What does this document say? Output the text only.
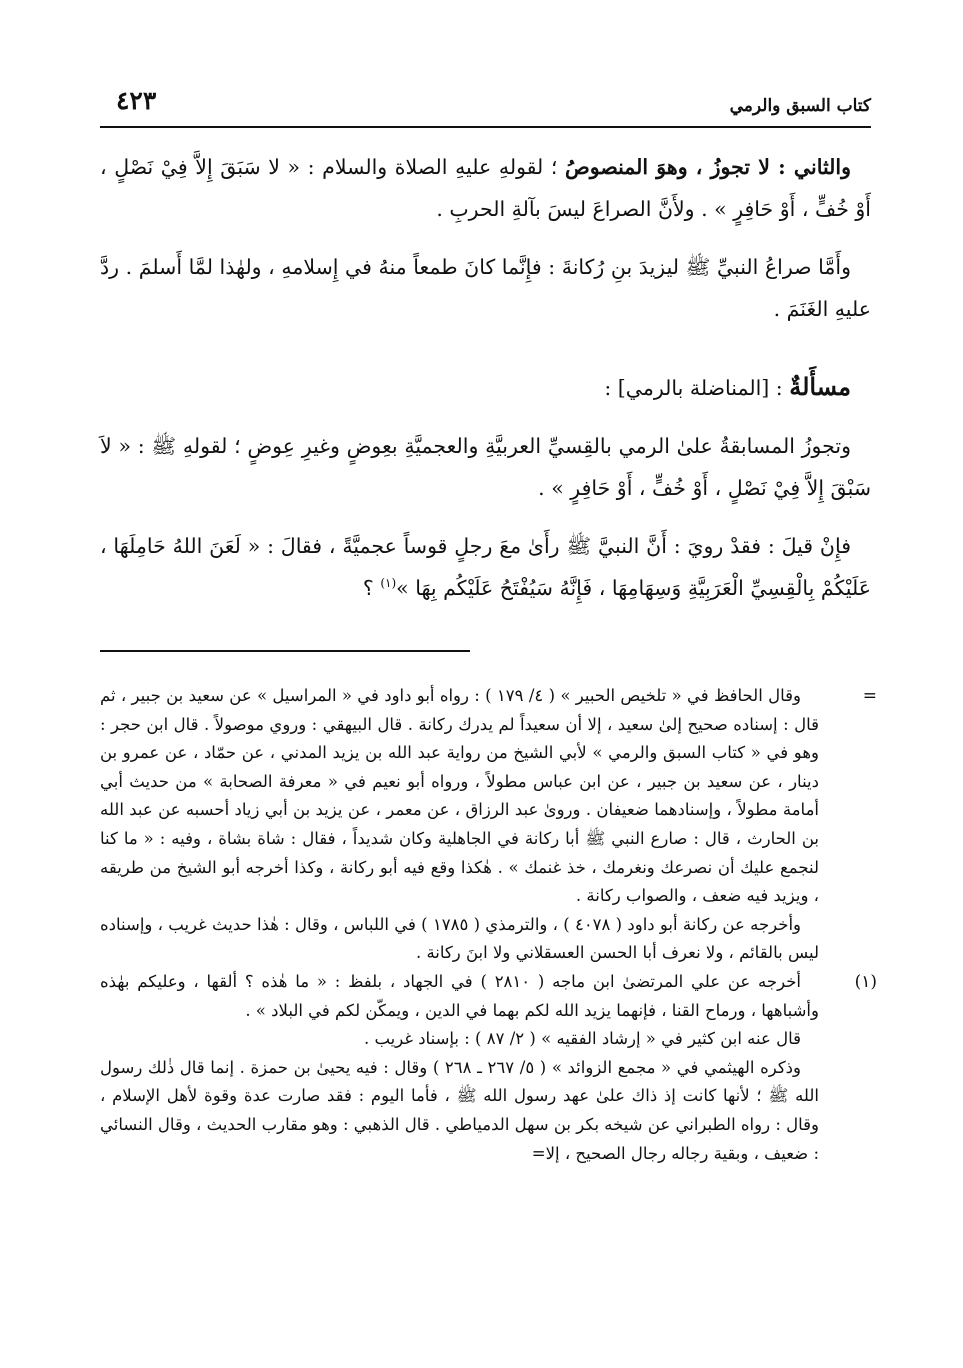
كتاب السبق والرمي
٤٢٣

والثاني : لا تجوزُ ، وهوَ المنصوصُ ؛ لقولهِ عليهِ الصلاة والسلام : « لا سَبَقَ إِلاَّ فِيْ نَصْلٍ ، أَوْ خُفٍّ ، أَوْ حَافِرٍ » . ولأَنَّ الصراعَ ليسَ بآلةِ الحربِ .

وأَمَّا صراعُ النبيِّ ﷺ ليزيدَ بنِ رُكانةَ : فإِنَّما كانَ طمعاً منهُ في إِسلامهِ ، ولهٰذا لمَّا أَسلمَ . ردَّ عليهِ الغَنَمَ .

مسأَلةٌ : [المناضلة بالرمي] :

وتجوزُ المسابقةُ علىٰ الرمي بالقِسيِّ العربيَّةِ والعجميَّةِ بعِوضٍ وغيرِ عِوضٍ ؛ لقولهِ ﷺ : « لاَ سَبْقَ إِلاَّ فِيْ نَصْلٍ ، أَوْ خُفٍّ ، أَوْ حَافِرٍ » .

فإِنْ قيلَ : فقدْ رويَ : أَنَّ النبيَّ ﷺ رأَىٰ معَ رجلٍ قوساً عجميَّةً ، فقالَ : « لَعَنَ اللهُ حَامِلَهَا ، عَلَيْكُمْ بِالْقِسِيِّ الْعَرَبِيَّةِ وَسِهَامِهَا ، فَإِنَّهُ سَيُفْتَحُ عَلَيْكُم بِهَا »$^{(١)}$ ؟

=

وقال الحافظ في « تلخيص الحبير » ( ٤/ ١٧٩ ) : رواه أبو داود في « المراسيل » عن سعيد بن جبير ، ثم قال : إسناده صحيح إلىٰ سعيد ، إلا أن سعيداً لم يدرك ركانة . قال البيهقي : وروي موصولاً . قال ابن حجر : وهو في « كتاب السبق والرمي » لأبي الشيخ من رواية عبد الله بن يزيد المدني ، عن حمّاد ، عن عمرو بن دينار ، عن سعيد بن جبير ، عن ابن عباس مطولاً ، ورواه أبو نعيم في « معرفة الصحابة » من حديث أبي أمامة مطولاً ، وإسنادهما ضعيفان . وروىٰ عبد الرزاق ، عن معمر ، عن يزيد بن أبي زياد أحسبه عن عبد الله بن الحارث ، قال : صارع النبي ﷺ أبا ركانة في الجاهلية وكان شديداً ، فقال : شاة بشاة ، وفيه : « ما كنا لنجمع عليك أن نصرعك ونغرمك ، خذ غنمك » . هٰكذا وقع فيه أبو ركانة ، وكذا أخرجه أبو الشيخ من طريقه ، ويزيد فيه ضعف ، والصواب ركانة .

وأخرجه عن ركانة أبو داود ( ٤٠٧٨ ) ، والترمذي ( ١٧٨٥ ) في اللباس ، وقال : هٰذا حديث غريب ، وإسناده ليس بالقائم ، ولا نعرف أبا الحسن العسقلاني ولا ابنَ ركانة .

(١)

أخرجه عن علي المرتضىٰ ابن ماجه ( ٢٨١٠ ) في الجهاد ، بلفظ : « ما هٰذه ؟ ألقها ، وعليكم بهٰذه وأشباهها ، ورماح القنا ، فإنهما يزيد الله لكم بهما في الدين ، ويمكّن لكم في البلاد » .

قال عنه ابن كثير في « إرشاد الفقيه » ( ٢/ ٨٧ ) : بإسناد غريب .

وذكره الهيثمي في « مجمع الزوائد » ( ٥/ ٢٦٧ ـ ٢٦٨ ) وقال : فيه يحيىٰ بن حمزة . إنما قال ذٰلك رسول الله ﷺ ؛ لأنها كانت إذ ذاك علىٰ عهد رسول الله ﷺ ، فأما اليوم : فقد صارت عدة وقوة لأهل الإسلام ، وقال : رواه الطبراني عن شيخه بكر بن سهل الدمياطي . قال الذهبي : وهو مقارب الحديث ، وقال النسائي : ضعيف ، وبقية رجاله رجال الصحيح ، إلا=
